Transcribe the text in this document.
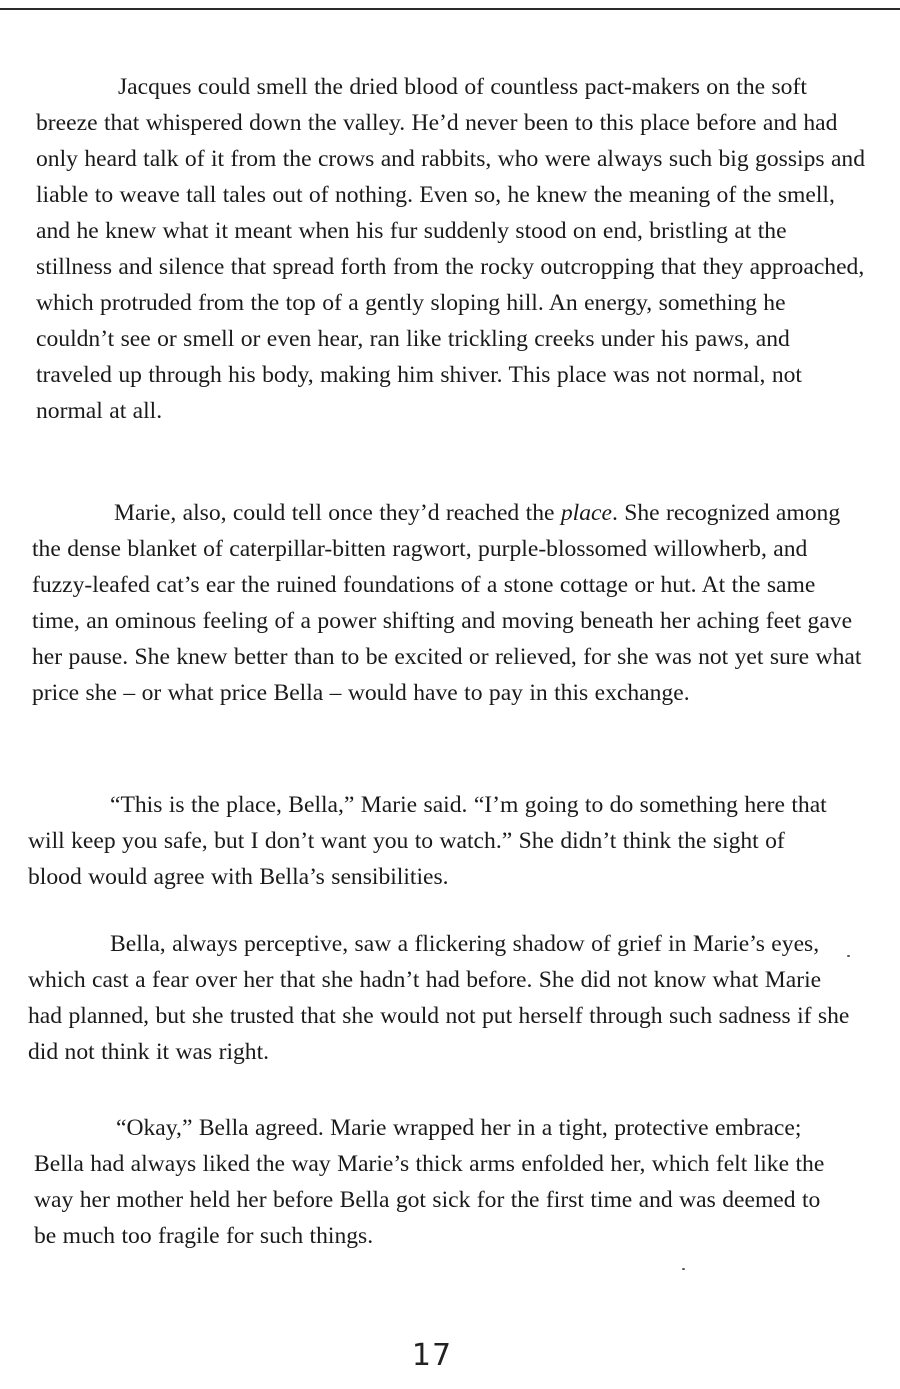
Jacques could smell the dried blood of countless pact-makers on the soft breeze that whispered down the valley. He’d never been to this place before and had only heard talk of it from the crows and rabbits, who were always such big gossips and liable to weave tall tales out of nothing. Even so, he knew the meaning of the smell, and he knew what it meant when his fur suddenly stood on end, bristling at the stillness and silence that spread forth from the rocky outcropping that they approached, which protruded from the top of a gently sloping hill. An energy, something he couldn’t see or smell or even hear, ran like trickling creeks under his paws, and traveled up through his body, making him shiver. This place was not normal, not normal at all.

Marie, also, could tell once they’d reached the place. She recognized among the dense blanket of caterpillar-bitten ragwort, purple-blossomed willowherb, and fuzzy-leafed cat’s ear the ruined foundations of a stone cottage or hut. At the same time, an ominous feeling of a power shifting and moving beneath her aching feet gave her pause. She knew better than to be excited or relieved, for she was not yet sure what price she – or what price Bella – would have to pay in this exchange.

“This is the place, Bella,” Marie said. “I’m going to do something here that will keep you safe, but I don’t want you to watch.” She didn’t think the sight of blood would agree with Bella’s sensibilities.

Bella, always perceptive, saw a flickering shadow of grief in Marie’s eyes, which cast a fear over her that she hadn’t had before. She did not know what Marie had planned, but she trusted that she would not put herself through such sadness if she did not think it was right.

“Okay,” Bella agreed. Marie wrapped her in a tight, protective embrace; Bella had always liked the way Marie’s thick arms enfolded her, which felt like the way her mother held her before Bella got sick for the first time and was deemed to be much too fragile for such things.

17
